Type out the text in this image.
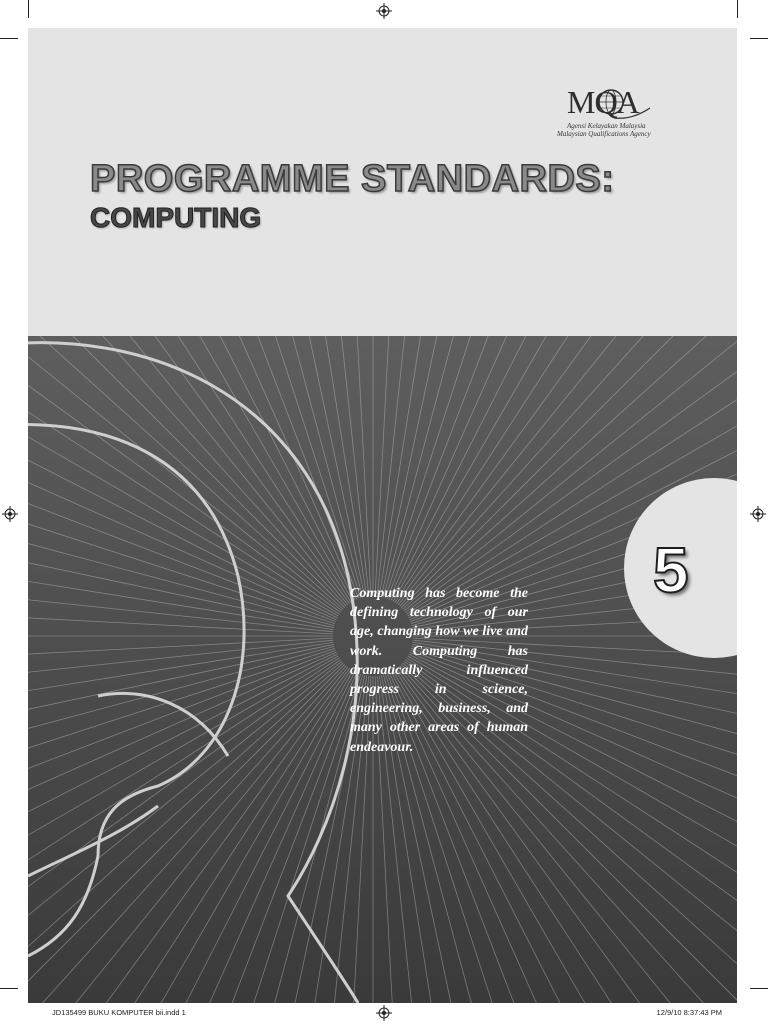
MQA
Agensi Kelayakan Malaysia
Malaysian Qualifications Agency
PROGRAMME STANDARDS:
COMPUTING
Computing has become the defining technology of our age, changing how we live and work. Computing has dramatically influenced progress in science, engineering, business, and many other areas of human endeavour.
5
JD135499 BUKU KOMPUTER bii.indd 1	12/9/10 8:37:43 PM
